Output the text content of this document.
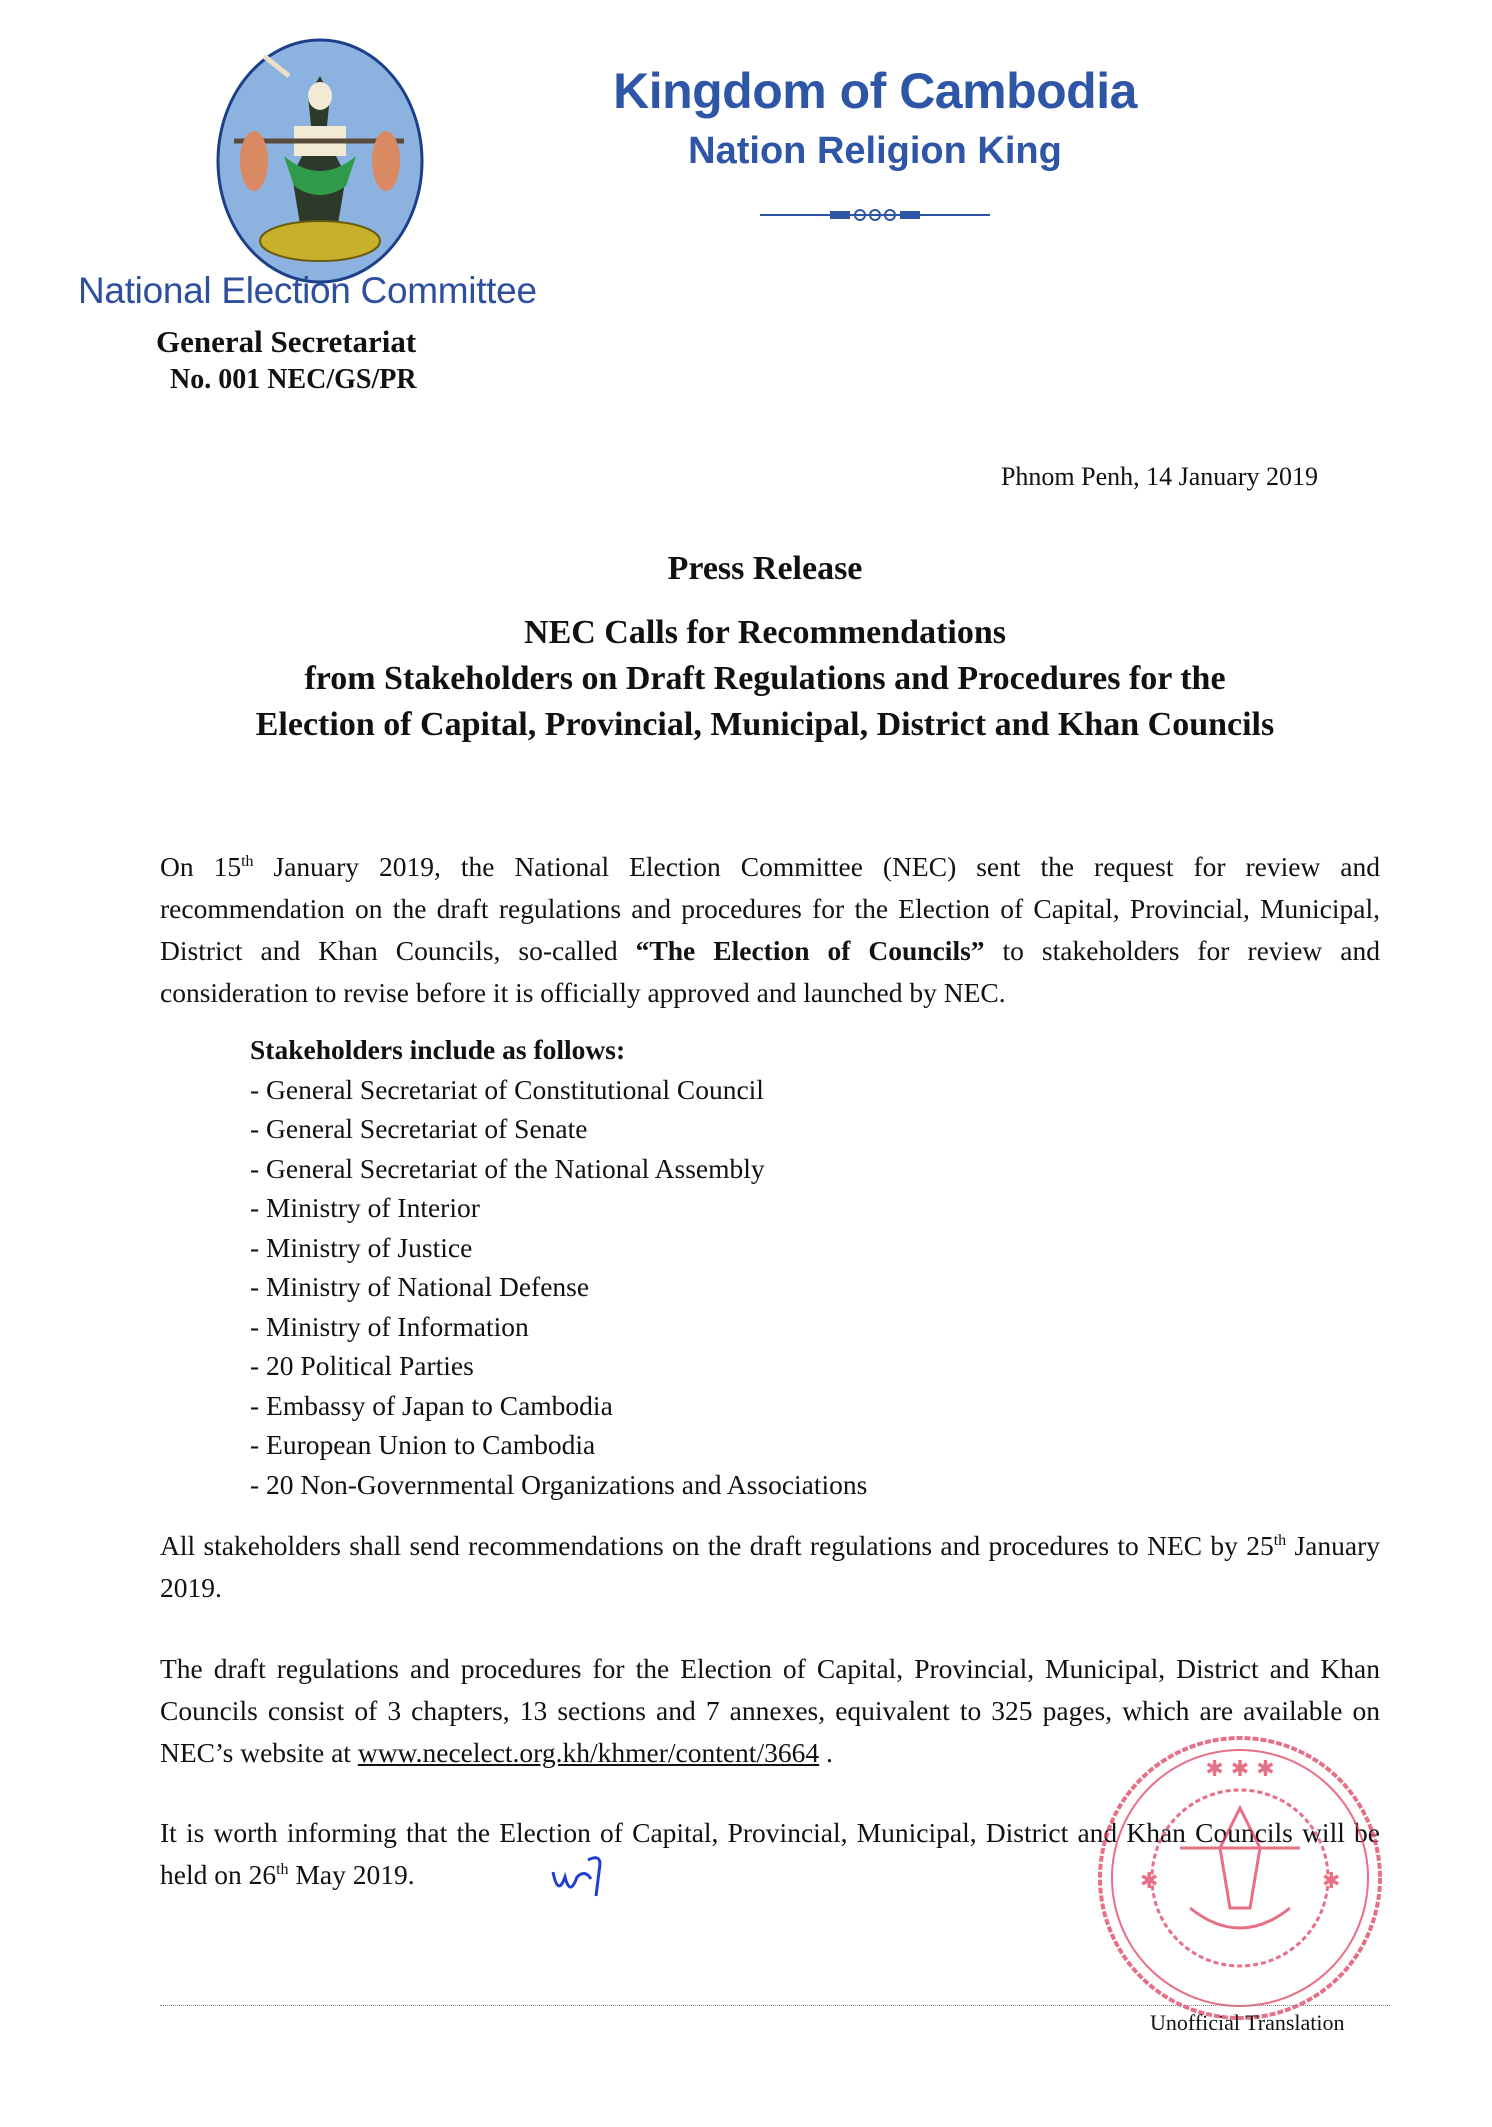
Kingdom of Cambodia
Nation Religion King
National Election Committee
General Secretariat
No. 001 NEC/GS/PR
Phnom Penh, 14 January 2019
Press Release
NEC Calls for Recommendations
from Stakeholders on Draft Regulations and Procedures for the
Election of Capital, Provincial, Municipal, District and Khan Councils
On 15th January 2019, the National Election Committee (NEC) sent the request for review and recommendation on the draft regulations and procedures for the Election of Capital, Provincial, Municipal, District and Khan Councils, so-called “The Election of Councils” to stakeholders for review and consideration to revise before it is officially approved and launched by NEC.
Stakeholders include as follows:
- General Secretariat of Constitutional Council
- General Secretariat of Senate
- General Secretariat of the National Assembly
- Ministry of Interior
- Ministry of Justice
- Ministry of National Defense
- Ministry of Information
- 20 Political Parties
- Embassy of Japan to Cambodia
- European Union to Cambodia
- 20 Non-Governmental Organizations and Associations
All stakeholders shall send recommendations on the draft regulations and procedures to NEC by 25th January 2019.
The draft regulations and procedures for the Election of Capital, Provincial, Municipal, District and Khan Councils consist of 3 chapters, 13 sections and 7 annexes, equivalent to 325 pages, which are available on NEC’s website at www.necelect.org.kh/khmer/content/3664 .
It is worth informing that the Election of Capital, Provincial, Municipal, District and Khan Councils will be held on 26th May 2019.
✱ ✱ ✱
✱	✱
Unofficial Translation
